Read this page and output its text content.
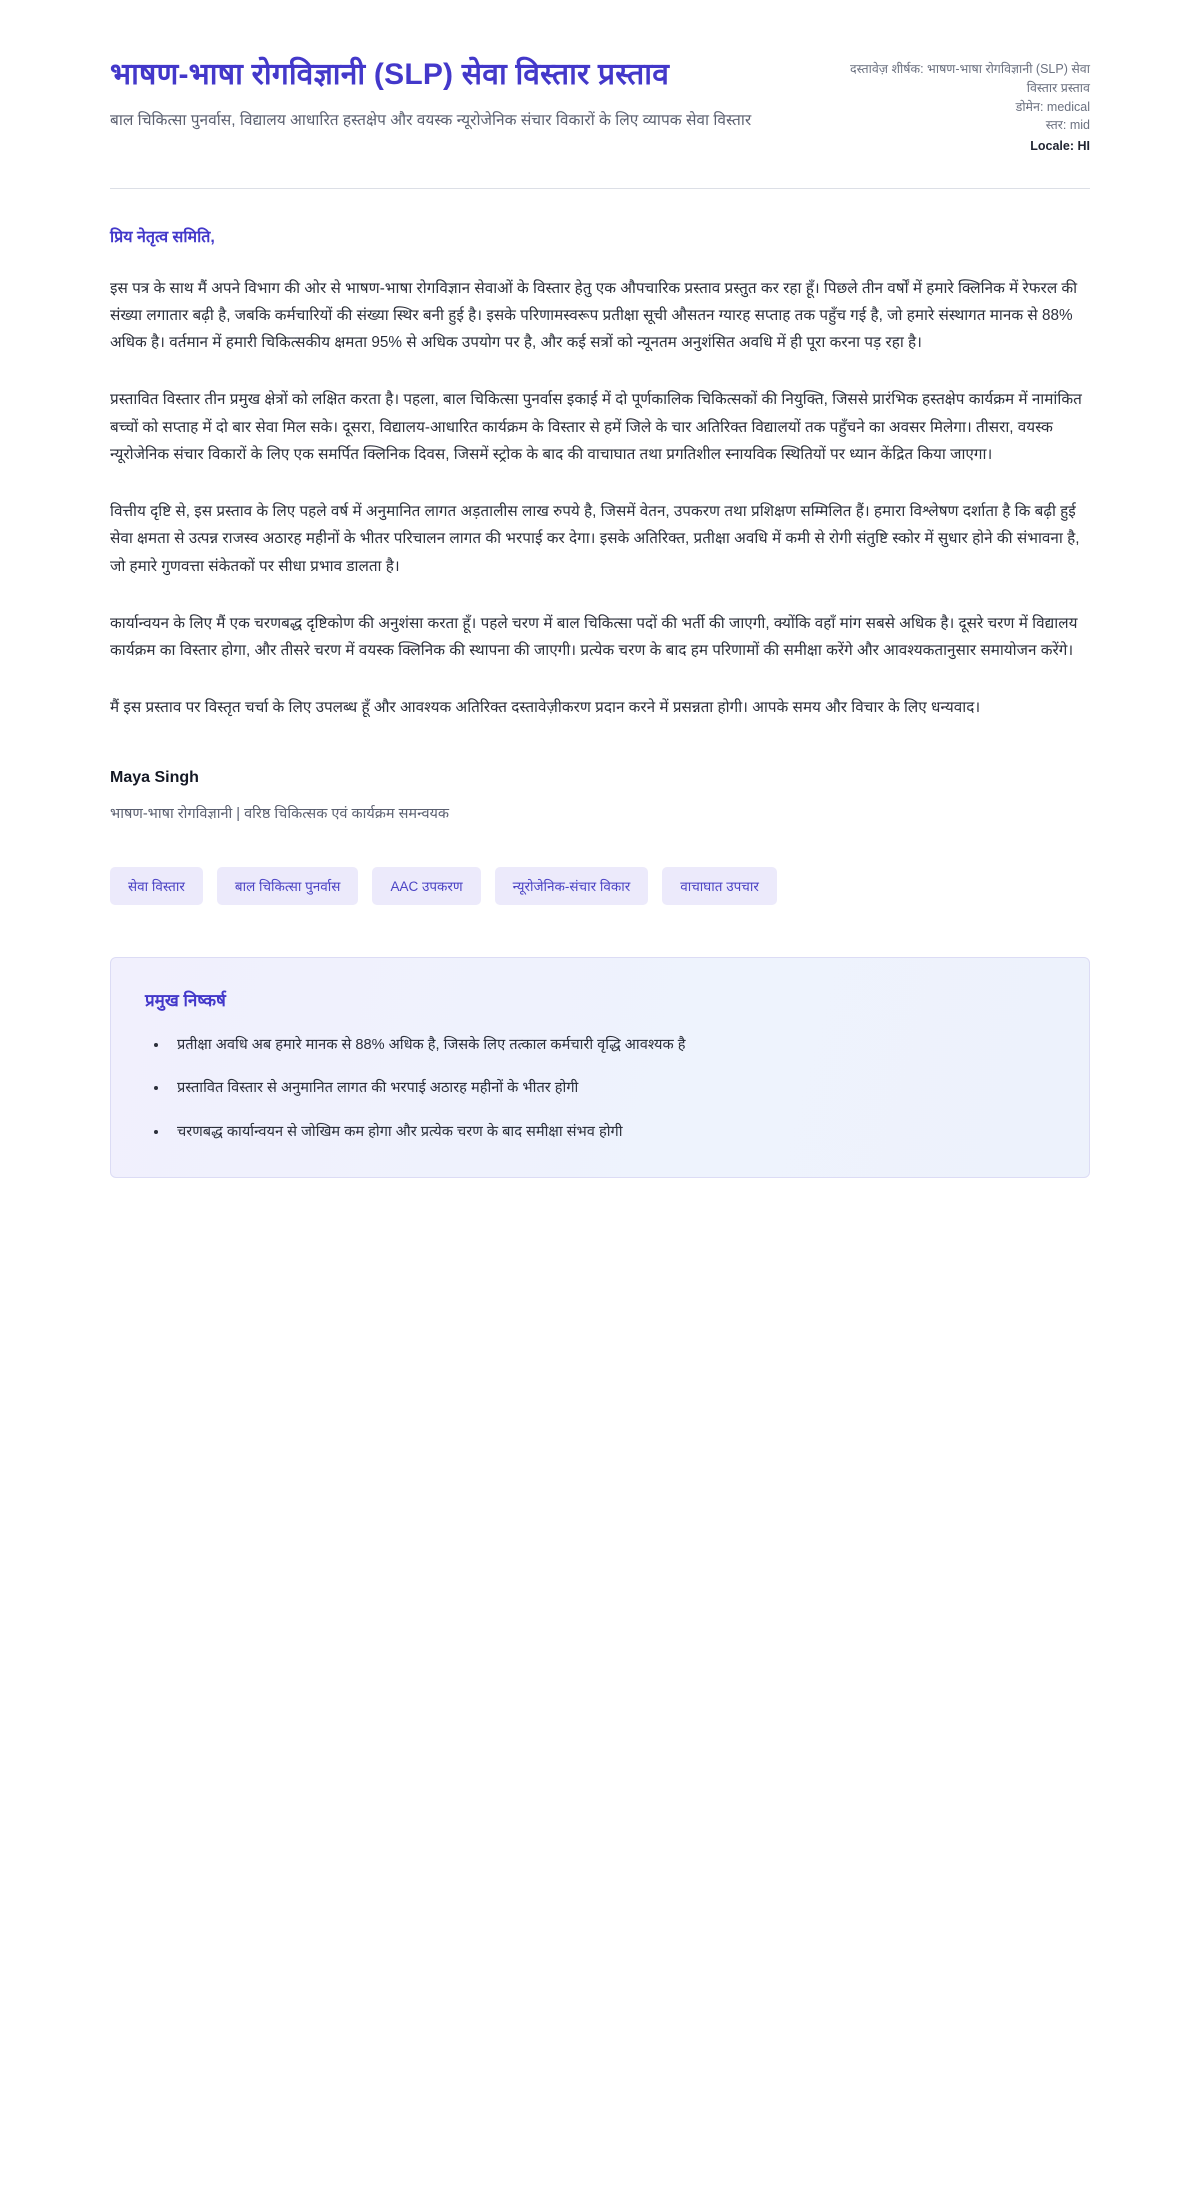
भाषण-भाषा रोगविज्ञानी (SLP) सेवा विस्तार प्रस्ताव

बाल चिकित्सा पुनर्वास, विद्यालय आधारित हस्तक्षेप और वयस्क न्यूरोजेनिक संचार विकारों के लिए व्यापक सेवा विस्तार

दस्तावेज़ शीर्षक: भाषण-भाषा रोगविज्ञानी (SLP) सेवा विस्तार प्रस्ताव
डोमेन: medical
स्तर: mid
Locale: HI

प्रिय नेतृत्व समिति,

इस पत्र के साथ मैं अपने विभाग की ओर से भाषण-भाषा रोगविज्ञान सेवाओं के विस्तार हेतु एक औपचारिक प्रस्ताव प्रस्तुत कर रहा हूँ। पिछले तीन वर्षों में हमारे क्लिनिक में रेफरल की संख्या लगातार बढ़ी है, जबकि कर्मचारियों की संख्या स्थिर बनी हुई है। इसके परिणामस्वरूप प्रतीक्षा सूची औसतन ग्यारह सप्ताह तक पहुँच गई है, जो हमारे संस्थागत मानक से 88% अधिक है। वर्तमान में हमारी चिकित्सकीय क्षमता 95% से अधिक उपयोग पर है, और कई सत्रों को न्यूनतम अनुशंसित अवधि में ही पूरा करना पड़ रहा है।

प्रस्तावित विस्तार तीन प्रमुख क्षेत्रों को लक्षित करता है। पहला, बाल चिकित्सा पुनर्वास इकाई में दो पूर्णकालिक चिकित्सकों की नियुक्ति, जिससे प्रारंभिक हस्तक्षेप कार्यक्रम में नामांकित बच्चों को सप्ताह में दो बार सेवा मिल सके। दूसरा, विद्यालय-आधारित कार्यक्रम के विस्तार से हमें जिले के चार अतिरिक्त विद्यालयों तक पहुँचने का अवसर मिलेगा। तीसरा, वयस्क न्यूरोजेनिक संचार विकारों के लिए एक समर्पित क्लिनिक दिवस, जिसमें स्ट्रोक के बाद की वाचाघात तथा प्रगतिशील स्नायविक स्थितियों पर ध्यान केंद्रित किया जाएगा।

वित्तीय दृष्टि से, इस प्रस्ताव के लिए पहले वर्ष में अनुमानित लागत अड़तालीस लाख रुपये है, जिसमें वेतन, उपकरण तथा प्रशिक्षण सम्मिलित हैं। हमारा विश्लेषण दर्शाता है कि बढ़ी हुई सेवा क्षमता से उत्पन्न राजस्व अठारह महीनों के भीतर परिचालन लागत की भरपाई कर देगा। इसके अतिरिक्त, प्रतीक्षा अवधि में कमी से रोगी संतुष्टि स्कोर में सुधार होने की संभावना है, जो हमारे गुणवत्ता संकेतकों पर सीधा प्रभाव डालता है।

कार्यान्वयन के लिए मैं एक चरणबद्ध दृष्टिकोण की अनुशंसा करता हूँ। पहले चरण में बाल चिकित्सा पदों की भर्ती की जाएगी, क्योंकि वहाँ मांग सबसे अधिक है। दूसरे चरण में विद्यालय कार्यक्रम का विस्तार होगा, और तीसरे चरण में वयस्क क्लिनिक की स्थापना की जाएगी। प्रत्येक चरण के बाद हम परिणामों की समीक्षा करेंगे और आवश्यकतानुसार समायोजन करेंगे।

मैं इस प्रस्ताव पर विस्तृत चर्चा के लिए उपलब्ध हूँ और आवश्यक अतिरिक्त दस्तावेज़ीकरण प्रदान करने में प्रसन्नता होगी। आपके समय और विचार के लिए धन्यवाद।

Maya Singh

भाषण-भाषा रोगविज्ञानी | वरिष्ठ चिकित्सक एवं कार्यक्रम समन्वयक

सेवा विस्तार	बाल चिकित्सा पुनर्वास	AAC उपकरण	न्यूरोजेनिक-संचार विकार	वाचाघात उपचार
प्रमुख निष्कर्ष
• प्रतीक्षा अवधि अब हमारे मानक से 88% अधिक है, जिसके लिए तत्काल कर्मचारी वृद्धि आवश्यक है
• प्रस्तावित विस्तार से अनुमानित लागत की भरपाई अठारह महीनों के भीतर होगी
• चरणबद्ध कार्यान्वयन से जोखिम कम होगा और प्रत्येक चरण के बाद समीक्षा संभव होगी
